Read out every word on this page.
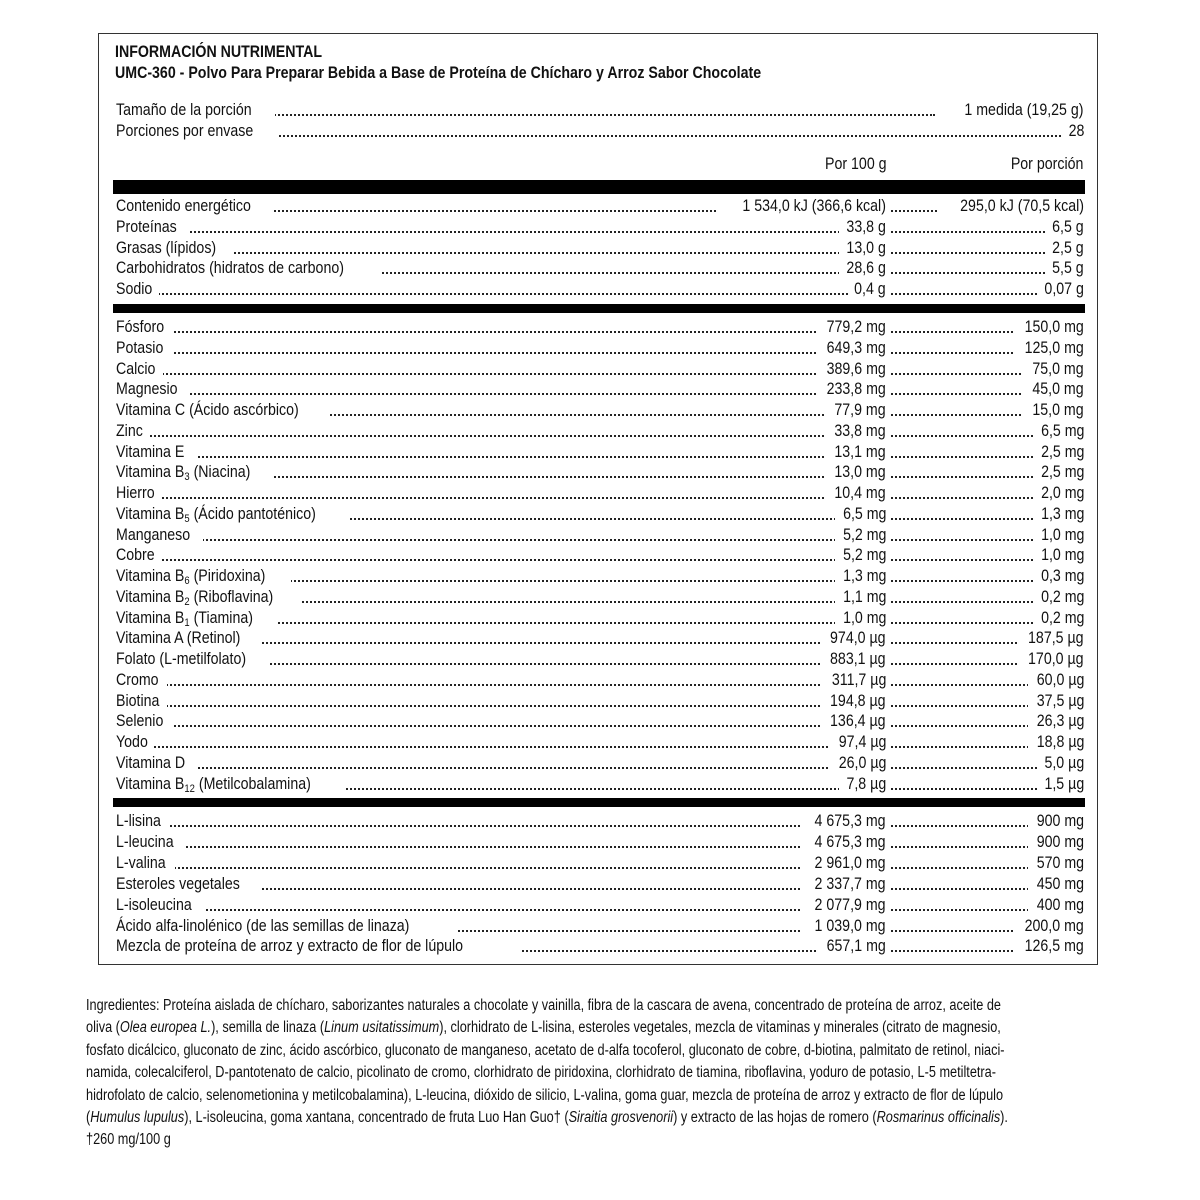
INFORMACIÓN NUTRIMENTAL
UMC-360 - Polvo Para Preparar Bebida a Base de Proteína de Chícharo y Arroz Sabor Chocolate
Tamaño de la porción	1 medida (19,25 g)
Porciones por envase	28
Por 100 g	Por porción
Contenido energético	1 534,0 kJ (366,6 kcal)	295,0 kJ (70,5 kcal)
Proteínas	33,8 g	6,5 g
Grasas (lípidos)	13,0 g	2,5 g
Carbohidratos (hidratos de carbono)	28,6 g	5,5 g
Sodio	0,4 g	0,07 g
Fósforo	779,2 mg	150,0 mg
Potasio	649,3 mg	125,0 mg
Calcio	389,6 mg	75,0 mg
Magnesio	233,8 mg	45,0 mg
Vitamina C (Ácido ascórbico)	77,9 mg	15,0 mg
Zinc	33,8 mg	6,5 mg
Vitamina E	13,1 mg	2,5 mg
Vitamina $B_3$ (Niacina)	13,0 mg	2,5 mg
Hierro	10,4 mg	2,0 mg
Vitamina $B_5$ (Ácido pantoténico)	6,5 mg	1,3 mg
Manganeso	5,2 mg	1,0 mg
Cobre	5,2 mg	1,0 mg
Vitamina $B_6$ (Piridoxina)	1,3 mg	0,3 mg
Vitamina $B_2$ (Riboflavina)	1,1 mg	0,2 mg
Vitamina $B_1$ (Tiamina)	1,0 mg	0,2 mg
Vitamina A (Retinol)	974,0 µg	187,5 µg
Folato (L-metilfolato)	883,1 µg	170,0 µg
Cromo	311,7 µg	60,0 µg
Biotina	194,8 µg	37,5 µg
Selenio	136,4 µg	26,3 µg
Yodo	97,4 µg	18,8 µg
Vitamina D	26,0 µg	5,0 µg
Vitamina $B_{12}$ (Metilcobalamina)	7,8 µg	1,5 µg
L-lisina	4 675,3 mg	900 mg
L-leucina	4 675,3 mg	900 mg
L-valina	2 961,0 mg	570 mg
Esteroles vegetales	2 337,7 mg	450 mg
L-isoleucina	2 077,9 mg	400 mg
Ácido alfa-linolénico (de las semillas de linaza)	1 039,0 mg	200,0 mg
Mezcla de proteína de arroz y extracto de flor de lúpulo	657,1 mg	126,5 mg

Ingredientes: Proteína aislada de chícharo, saborizantes naturales a chocolate y vainilla, fibra de la cascara de avena, concentrado de proteína de arroz, aceite de

oliva (Olea europea L.), semilla de linaza (Linum usitatissimum), clorhidrato de L-lisina, esteroles vegetales, mezcla de vitaminas y minerales (citrato de magnesio,

fosfato dicálcico, gluconato de zinc, ácido ascórbico, gluconato de manganeso, acetato de d-alfa tocoferol, gluconato de cobre, d-biotina, palmitato de retinol, niaci-

namida, colecalciferol, D-pantotenato de calcio, picolinato de cromo, clorhidrato de piridoxina, clorhidrato de tiamina, riboflavina, yoduro de potasio, L-5 metiltetra-

hidrofolato de calcio, selenometionina y metilcobalamina), L-leucina, dióxido de silicio, L-valina, goma guar, mezcla de proteína de arroz y extracto de flor de lúpulo

(Humulus lupulus), L-isoleucina, goma xantana, concentrado de fruta Luo Han Guo† (Siraitia grosvenorii) y extracto de las hojas de romero (Rosmarinus officinalis).

†260 mg/100 g
